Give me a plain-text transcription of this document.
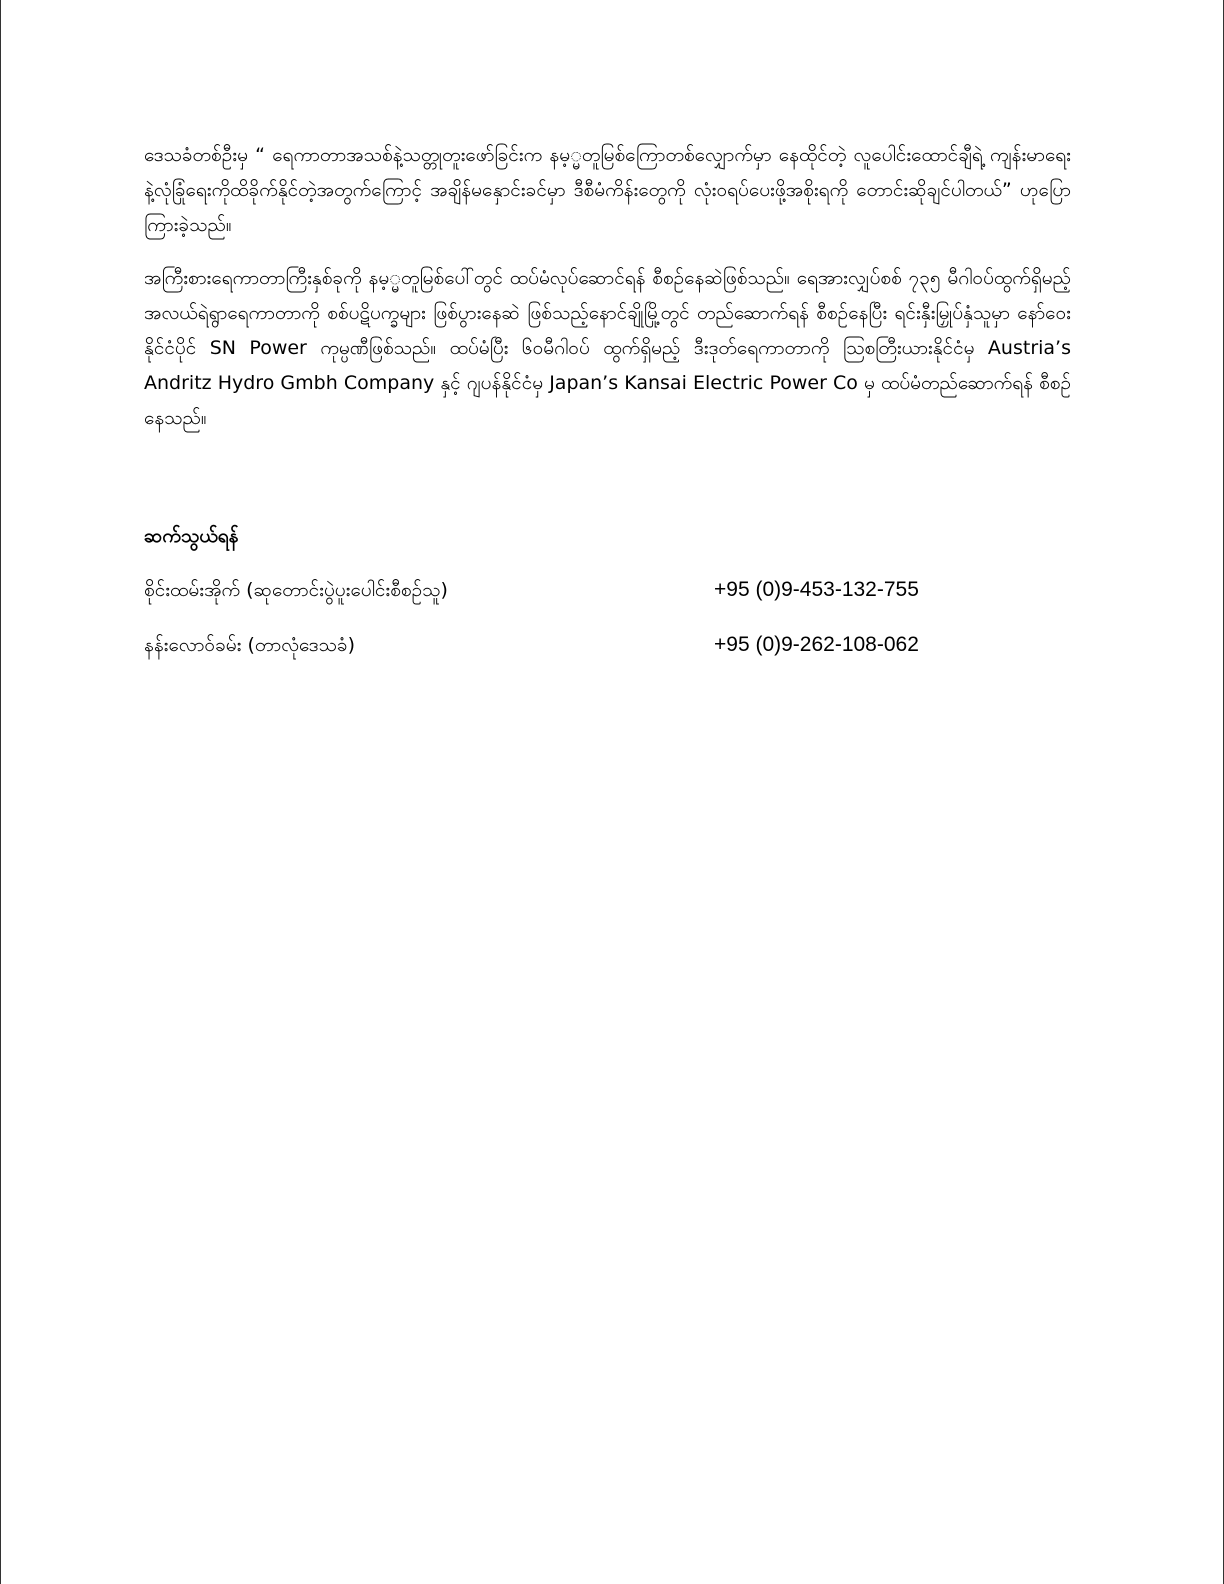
ဒေသခံတစ်ဦးမှ “ ရေကာတာအသစ်နဲ့သတ္တုတူးဖော်ခြင်းက နမ့္မတူမြစ်ကြောတစ်လျှောက်မှာ နေထိုင်တဲ့ လူပေါင်းထောင်ချီရဲ့ ကျန်းမာရေးနဲ့လုံခြုံရေးကိုထိခိုက်နိုင်တဲ့အတွက်ကြောင့် အချိန်မနှောင်းခင်မှာ ဒီစီမံကိန်းတွေကို လုံးဝရပ်ပေးဖို့အစိုးရကို တောင်းဆိုချင်ပါတယ်” ဟုပြောကြားခဲ့သည်။

အကြီးစားရေကာတာကြီးနှစ်ခုကို နမ့္မတူမြစ်ပေါ်တွင် ထပ်မံလုပ်ဆောင်ရန် စီစဉ်နေဆဲဖြစ်သည်။ ရေအားလျှပ်စစ် ၇၃၅ မီဂါဝပ်ထွက်ရှိမည့် အလယ်ရဲရွာရေကာတာကို စစ်ပဋိပက္ခများ ဖြစ်ပွားနေဆဲ ဖြစ်သည့်နောင်ချိုမြို့တွင် တည်ဆောက်ရန် စီစဉ်နေပြီး ရင်းနှီးမြှုပ်နှံသူမှာ နော်ဝေးနိုင်ငံပိုင် SN Power ကုမ္ပဏီဖြစ်သည်။ ထပ်မံပြီး ၆၀မီဂါဝပ် ထွက်ရှိမည့် ဒီးဒုတ်ရေကာတာကို ဩစတြီးယားနိုင်ငံမှ Austria’s Andritz Hydro Gmbh Company နှင့် ဂျပန်နိုင်ငံမှ Japan’s Kansai Electric Power Co မှ ထပ်မံတည်ဆောက်ရန် စီစဉ်နေသည်။

ဆက်သွယ်ရန်
စိုင်းထမ်းအိုက် (ဆုတောင်းပွဲပူးပေါင်းစီစဉ်သူ)	+95 (0)9-453-132-755
နန်းလောဝ်ခမ်း (တာလုံဒေသခံ)	+95 (0)9-262-108-062
